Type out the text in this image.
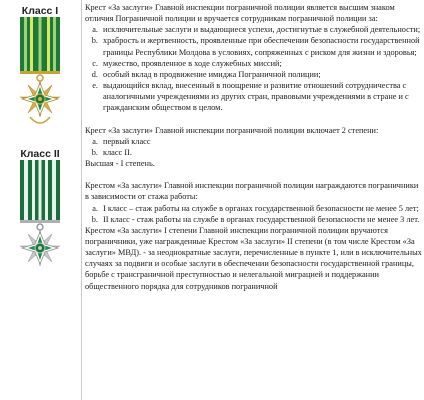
Класс I
Класс II

Крест «За заслуги» Главной инспекции пограничной полиции является высшим знаком отличия Пограничной полиции и вручается сотрудникам пограничной полиции за:

a. исключительные заслуги и выдающиеся успехи, достигнутые в служебной деятельности;
b. храбрость и жертвенность, проявленные при обеспечении безопасности государственной границы Республики Молдова в условиях, сопряженных с риском для жизни и здоровья;
c. мужество, проявленное в ходе служебных миссий;
d. особый вклад в продвижение имиджа Пограничной полиции;
e. выдающийся вклад, внесенный в поощрение и развитие отношений сотрудничества с аналогичными учреждениями из других стран, правовыми учреждениями в стране и с гражданским обществом в целом.

Крест «За заслуги» Главной инспекции пограничной полиции включает 2 степени:

a. первый класс
b. класс II.

Высшая - I степень.

Крестом «За заслуги» Главной инспекции пограничной полиции награждаются пограничники в зависимости от стажа работы:

a. I класс – стаж работы на службе в органах государственной безопасности не менее 5 лет;
b. II класс - стаж работы на службе в органах государственной безопасности не менее 3 лет.

Крестом «За заслуги» I степени Главной инспекции пограничной полиции вручаются пограничники, уже награжденные Крестом «За заслуги» II степени (в том числе Крестом «За заслуги» МВД). - за неоднократные заслуги, перечисленные в пункте 1, или в исключительных случаях за подвиги и особые заслуги в обеспечении безопасности государственной границы, борьбе с трансграничной преступностью и нелегальной миграцией и поддержании общественного порядка для сотрудников пограничной
